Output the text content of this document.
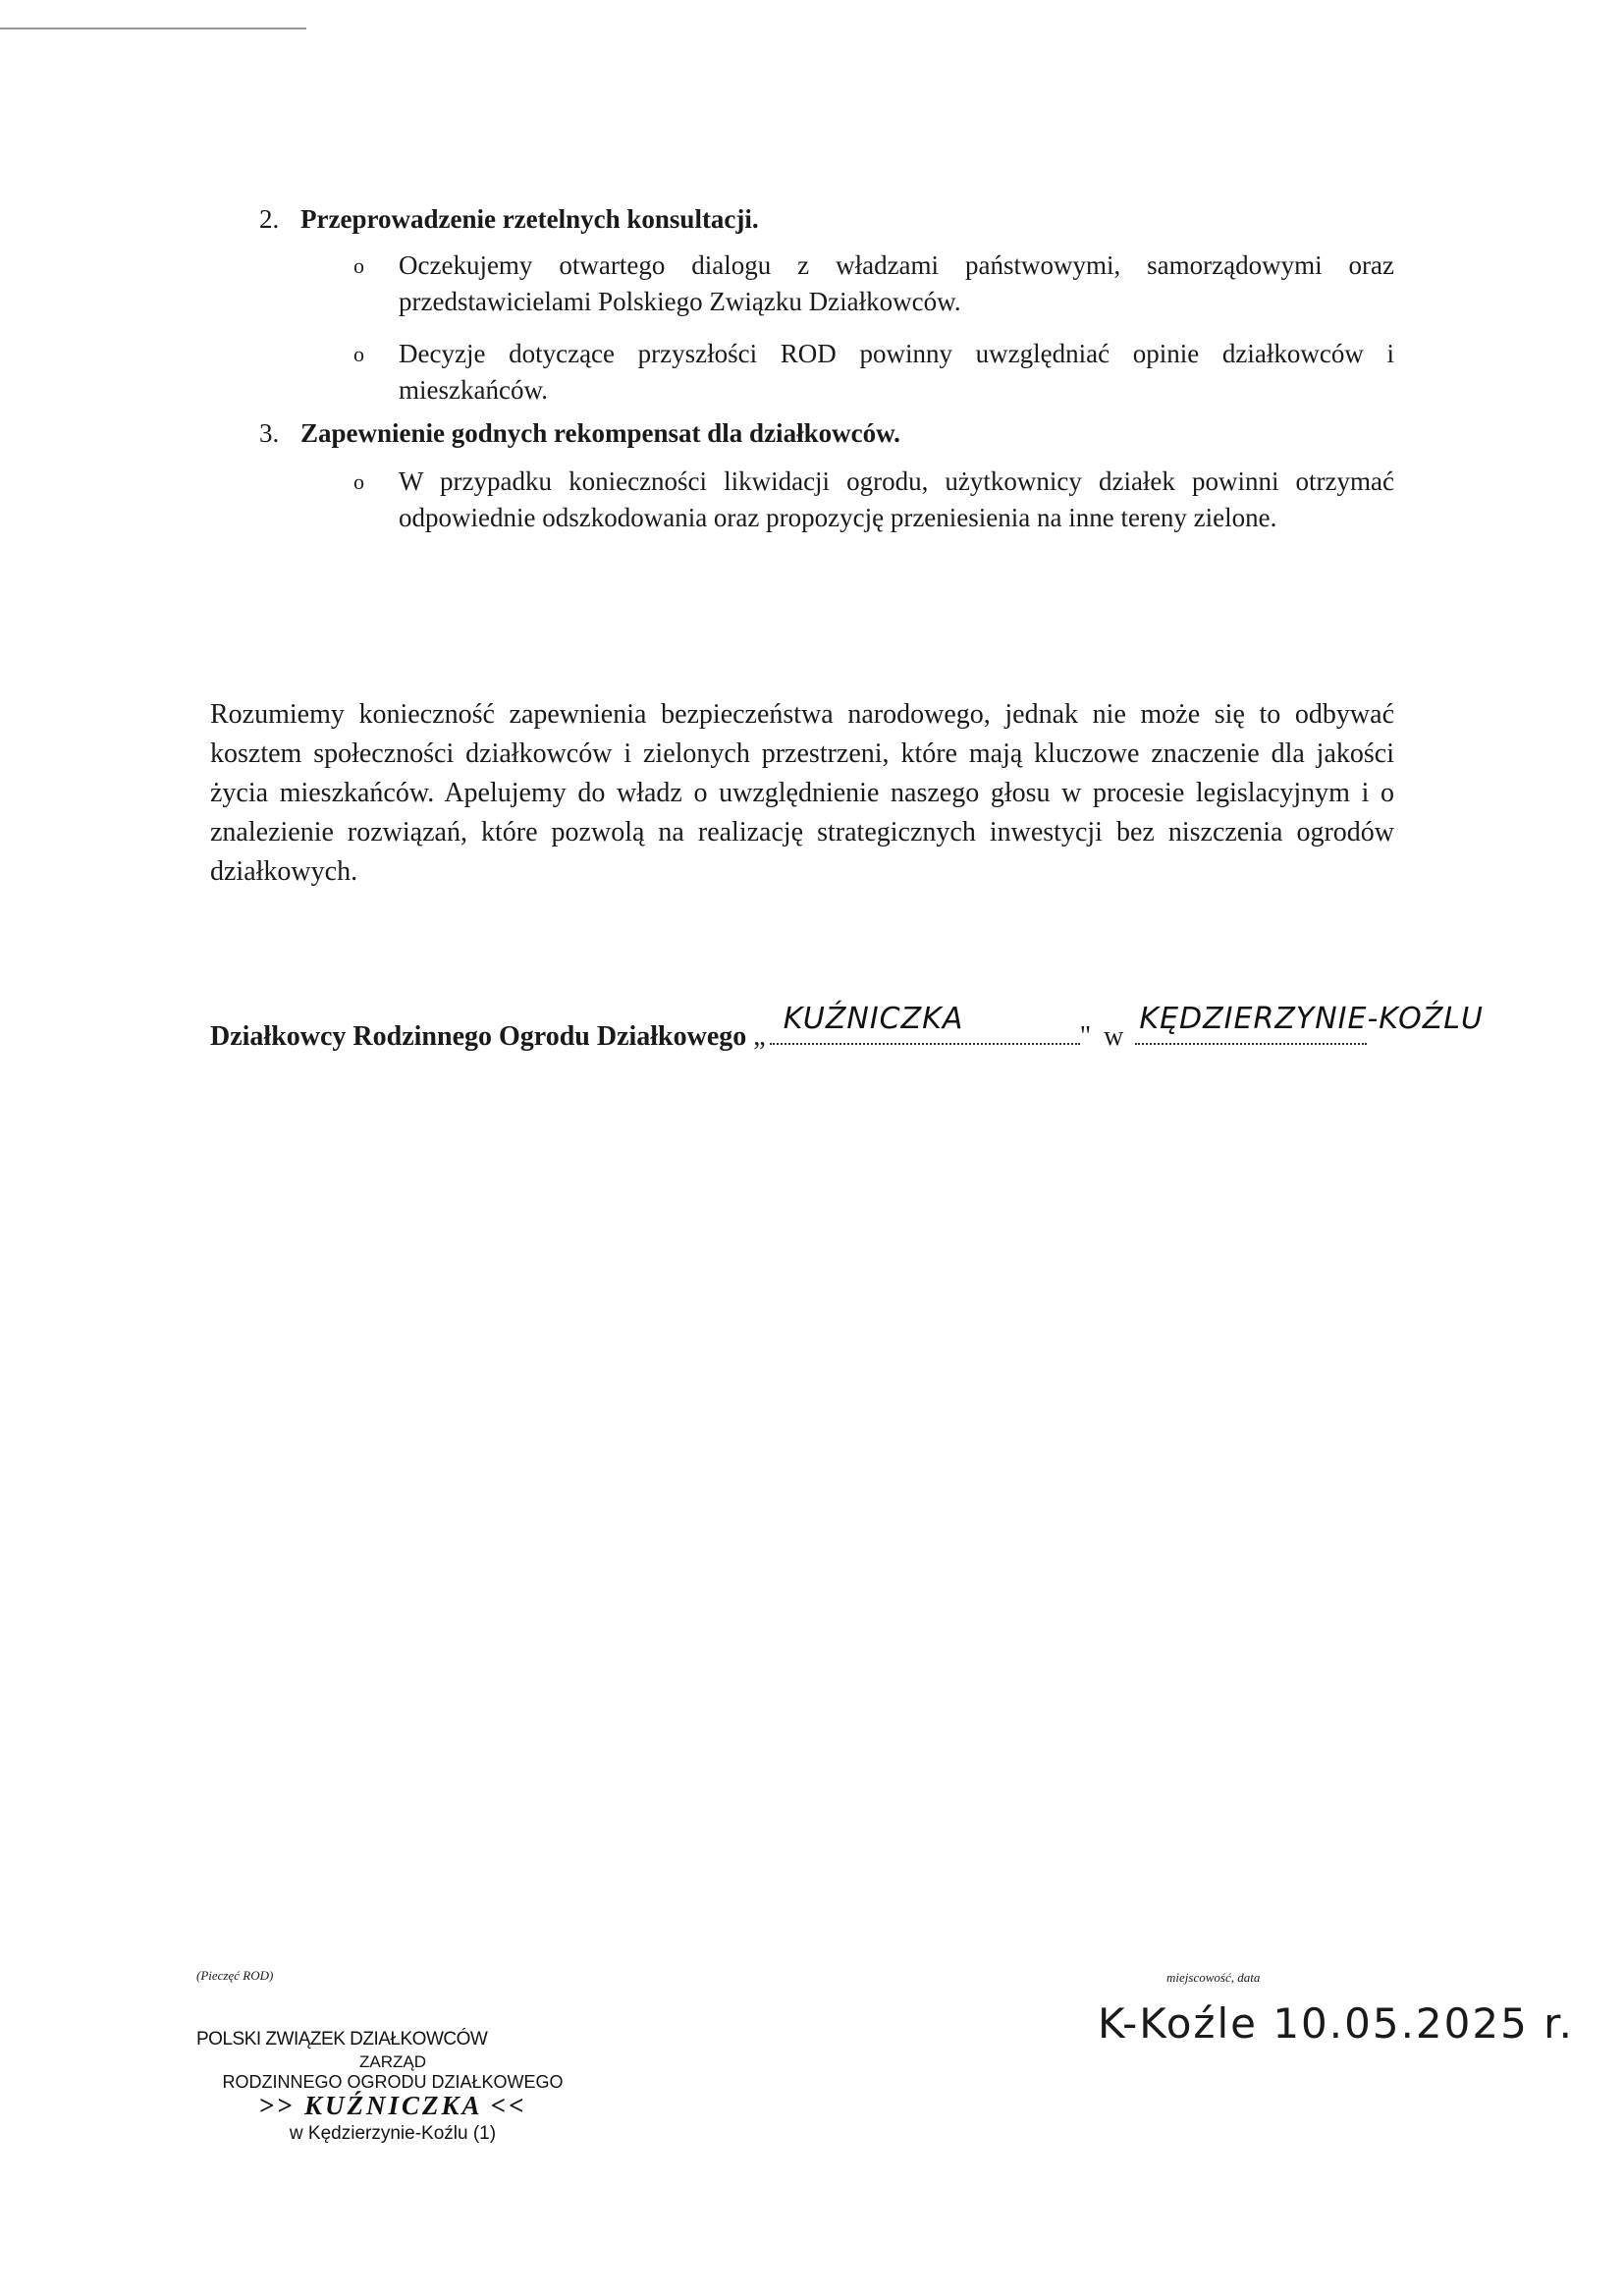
2. Przeprowadzenie rzetelnych konsultacji.
o Oczekujemy otwartego dialogu z władzami państwowymi, samorządowymi oraz przedstawicielami Polskiego Związku Działkowców.
o Decyzje dotyczące przyszłości ROD powinny uwzględniać opinie działkowców i mieszkańców.
3. Zapewnienie godnych rekompensat dla działkowców.
o W przypadku konieczności likwidacji ogrodu, użytkownicy działek powinni otrzymać odpowiednie odszkodowania oraz propozycję przeniesienia na inne tereny zielone.
Rozumiemy konieczność zapewnienia bezpieczeństwa narodowego, jednak nie może się to odbywać kosztem społeczności działkowców i zielonych przestrzeni, które mają kluczowe znaczenie dla jakości życia mieszkańców. Apelujemy do władz o uwzględnienie naszego głosu w procesie legislacyjnym i o znalezienie rozwiązań, które pozwolą na realizację strategicznych inwestycji bez niszczenia ogrodów działkowych.
Działkowcy Rodzinnego Ogrodu Działkowego „
KUŹNICZKA
" w
KĘDZIERZYNIE-KOŹLU
(Pieczęć ROD)
POLSKI ZWIĄZEK DZIAŁKOWCÓW
ZARZĄD
RODZINNEGO OGRODU DZIAŁKOWEGO
>> KUŹNICZKA <<
w Kędzierzynie-Koźlu (1)
miejscowość, data
K-Koźle 10.05.2025 r.
